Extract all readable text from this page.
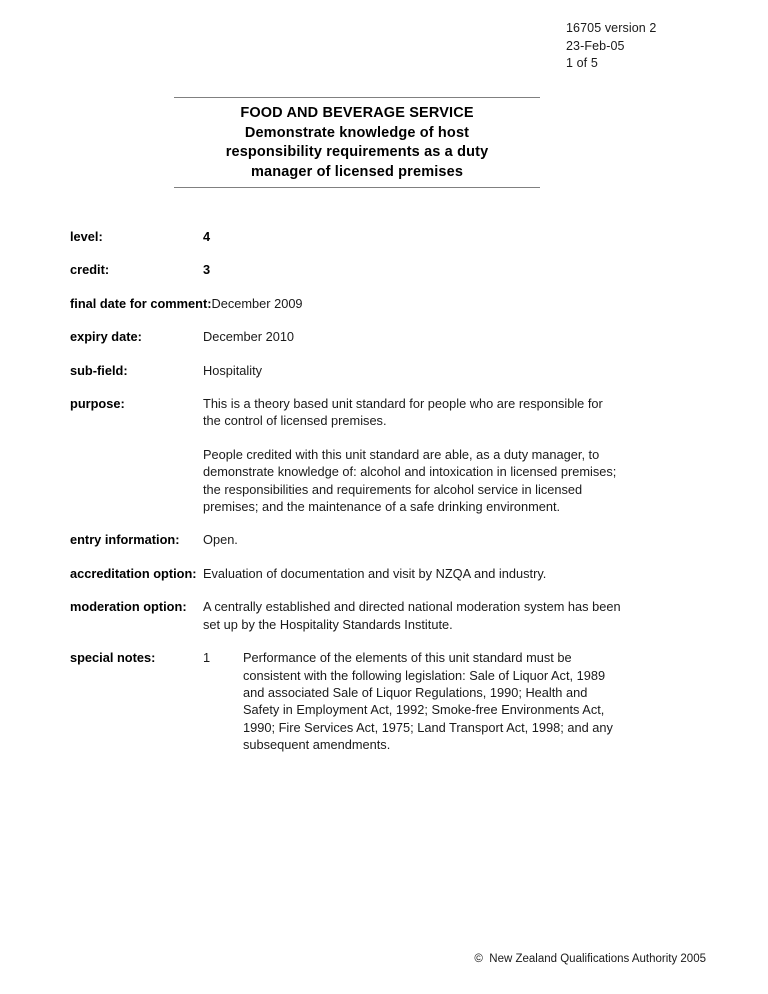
16705 version 2
23-Feb-05
1 of 5
FOOD AND BEVERAGE SERVICE
Demonstrate knowledge of host
responsibility requirements as a duty
manager of licensed premises
level:	4
credit:	3
final date for comment: December 2009
expiry date:	December 2010
sub-field:	Hospitality
purpose:	This is a theory based unit standard for people who are responsible for the control of licensed premises.

People credited with this unit standard are able, as a duty manager, to demonstrate knowledge of: alcohol and intoxication in licensed premises; the responsibilities and requirements for alcohol service in licensed premises; and the maintenance of a safe drinking environment.

entry information:	Open.
accreditation option: Evaluation of documentation and visit by NZQA and industry.
moderation option:	A centrally established and directed national moderation system has been set up by the Hospitality Standards Institute.

special notes:	1	Performance of the elements of this unit standard must be consistent with the following legislation: Sale of Liquor Act, 1989 and associated Sale of Liquor Regulations, 1990; Health and Safety in Employment Act, 1992; Smoke-free Environments Act, 1990; Fire Services Act, 1975; Land Transport Act, 1998; and any subsequent amendments.
© New Zealand Qualifications Authority 2005
